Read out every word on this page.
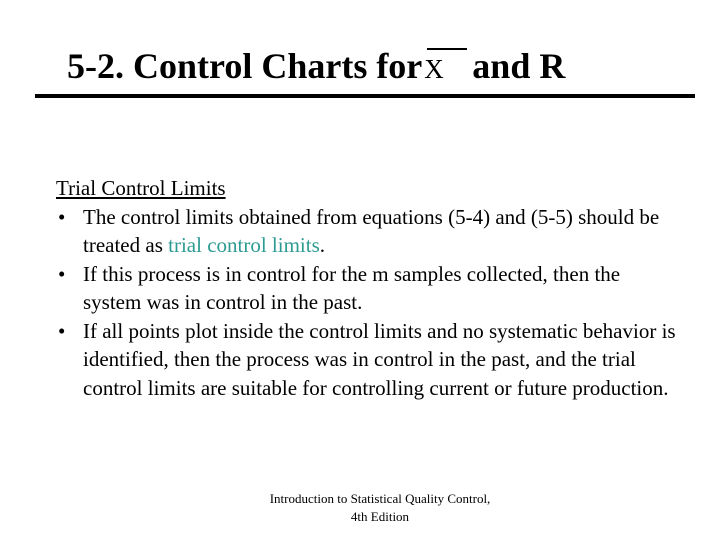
5-2. Control Charts forX and R
Trial Control Limits
• The control limits obtained from equations (5-4) and (5-5) should be treated as trial control limits.
• If this process is in control for the m samples collected, then the system was in control in the past.
• If all points plot inside the control limits and no systematic behavior is identified, then the process was in control in the past, and the trial control limits are suitable for controlling current or future production.
Introduction to Statistical Quality Control,
4th Edition
